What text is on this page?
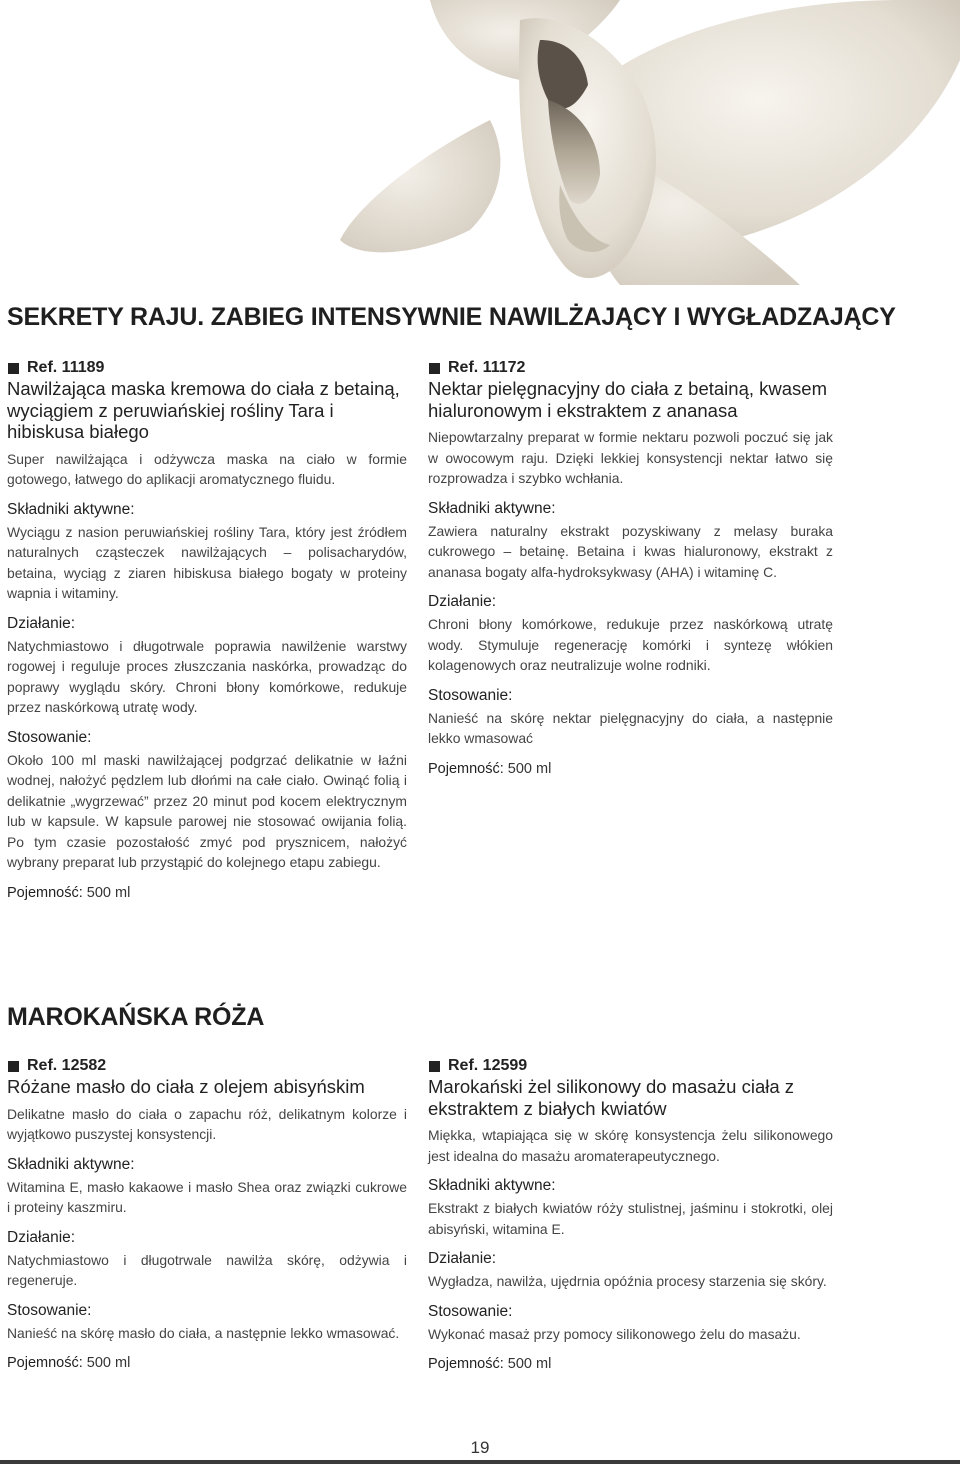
SEKRETY RAJU. ZABIEG INTENSYWNIE NAWILŻAJĄCY I WYGŁADZAJĄCY

Ref. 11189

Nawilżająca maska kremowa do ciała z betainą, wyciągiem z peruwiańskiej rośliny Tara i hibiskusa białego

Super nawilżająca i odżywcza maska na ciało w formie gotowego, łatwego do aplikacji aromatycznego fluidu.

Składniki aktywne:

Wyciągu z nasion peruwiańskiej rośliny Tara, który jest źródłem naturalnych cząsteczek nawilżających – polisacharydów, betaina, wyciąg z ziaren hibiskusa białego bogaty w proteiny wapnia i witaminy.

Działanie:

Natychmiastowo i długotrwale poprawia nawilżenie warstwy rogowej i reguluje proces złuszczania naskórka, prowadząc do poprawy wyglądu skóry. Chroni błony komórkowe, redukuje przez naskórkową utratę wody.

Stosowanie:

Około 100 ml maski nawilżającej podgrzać delikatnie w łaźni wodnej, nałożyć pędzlem lub dłońmi na całe ciało. Owinąć folią i delikatnie „wygrzewać” przez 20 minut pod kocem elektrycznym lub w kapsule. W kapsule parowej nie stosować owijania folią. Po tym czasie pozostałość zmyć pod prysznicem, nałożyć wybrany preparat lub przystąpić do kolejnego etapu zabiegu.

Pojemność: 500 ml

Ref. 11172

Nektar pielęgnacyjny do ciała z betainą, kwasem hialuronowym i ekstraktem z ananasa

Niepowtarzalny preparat w formie nektaru pozwoli poczuć się jak w owocowym raju. Dzięki lekkiej konsystencji nektar łatwo się rozprowadza i szybko wchłania.

Składniki aktywne:

Zawiera naturalny ekstrakt pozyskiwany z melasy buraka cukrowego – betainę. Betaina i kwas hialuronowy, ekstrakt z ananasa bogaty alfa-hydroksykwasy (AHA) i witaminę C.

Działanie:

Chroni błony komórkowe, redukuje przez naskórkową utratę wody. Stymuluje regenerację komórki i syntezę włókien kolagenowych oraz neutralizuje wolne rodniki.

Stosowanie:

Nanieść na skórę nektar pielęgnacyjny do ciała, a następnie lekko wmasować

Pojemność: 500 ml

MAROKAŃSKA RÓŻA

Ref. 12582

Różane masło do ciała z olejem abisyńskim

Delikatne masło do ciała o zapachu róż, delikatnym kolorze i wyjątkowo puszystej konsystencji.

Składniki aktywne:

Witamina E, masło kakaowe i masło Shea oraz związki cukrowe i proteiny kaszmiru.

Działanie:

Natychmiastowo i długotrwale nawilża skórę, odżywia i regeneruje.

Stosowanie:

Nanieść na skórę masło do ciała, a następnie lekko wmasować.

Pojemność: 500 ml

Ref. 12599

Marokański żel silikonowy do masażu ciała z ekstraktem z białych kwiatów

Miękka, wtapiająca się w skórę konsystencja żelu silikonowego jest idealna do masażu aromaterapeutycznego.

Składniki aktywne:

Ekstrakt z białych kwiatów róży stulistnej, jaśminu i stokrotki, olej abisyński, witamina E.

Działanie:

Wygładza, nawilża, ujędrnia opóźnia procesy starzenia się skóry.

Stosowanie:

Wykonać masaż przy pomocy silikonowego żelu do masażu.

Pojemność: 500 ml

19
